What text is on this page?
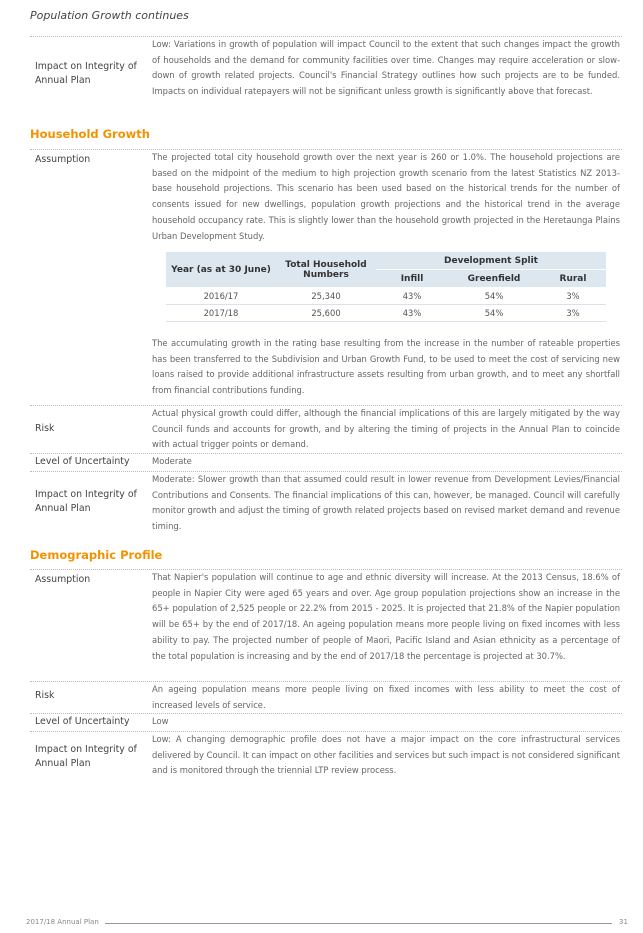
Population Growth continues
Impact on Integrity of Annual Plan
Low: Variations in growth of population will impact Council to the extent that such changes impact the growth of households and the demand for community facilities over time. Changes may require acceleration or slow-down of growth related projects. Council's Financial Strategy outlines how such projects are to be funded. Impacts on individual ratepayers will not be significant unless growth is significantly above that forecast.
Household Growth
Assumption	The projected total city household growth over the next year is 260 or 1.0%. The household projections are based on the midpoint of the medium to high projection growth scenario from the latest Statistics NZ 2013-base household projections. This scenario has been used based on the historical trends for the number of consents issued for new dwellings, population growth projections and the historical trend in the average household occupancy rate. This is slightly lower than the household growth projected in the Heretaunga Plains Urban Development Study.
Year (as at 30 June)	Total Household Numbers	Development Split		
		Infill	Greenfield	Rural
2016/17	25,340	43%	54%	3%
2017/18	25,600	43%	54%	3%
The accumulating growth in the rating base resulting from the increase in the number of rateable properties has been transferred to the Subdivision and Urban Growth Fund, to be used to meet the cost of servicing new loans raised to provide additional infrastructure assets resulting from urban growth, and to meet any shortfall from financial contributions funding.
Risk
Actual physical growth could differ, although the financial implications of this are largely mitigated by the way Council funds and accounts for growth, and by altering the timing of projects in the Annual Plan to coincide with actual trigger points or demand.
Level of Uncertainty	Moderate
Impact on Integrity of Annual Plan
Moderate: Slower growth than that assumed could result in lower revenue from Development Levies/Financial Contributions and Consents. The financial implications of this can, however, be managed. Council will carefully monitor growth and adjust the timing of growth related projects based on revised market demand and revenue timing.
Demographic Profile
Assumption	That Napier's population will continue to age and ethnic diversity will increase. At the 2013 Census, 18.6% of people in Napier City were aged 65 years and over. Age group population projections show an increase in the 65+ population of 2,525 people or 22.2% from 2015 - 2025. It is projected that 21.8% of the Napier population will be 65+ by the end of 2017/18. An ageing population means more people living on fixed incomes with less ability to pay. The projected number of people of Maori, Pacific Island and Asian ethnicity as a percentage of the total population is increasing and by the end of 2017/18 the percentage is projected at 30.7%.
Risk
An ageing population means more people living on fixed incomes with less ability to meet the cost of increased levels of service.
Level of Uncertainty	Low
Impact on Integrity of Annual Plan
Low: A changing demographic profile does not have a major impact on the core infrastructural services delivered by Council. It can impact on other facilities and services but such impact is not considered significant and is monitored through the triennial LTP review process.
2017/18 Annual Plan	31
